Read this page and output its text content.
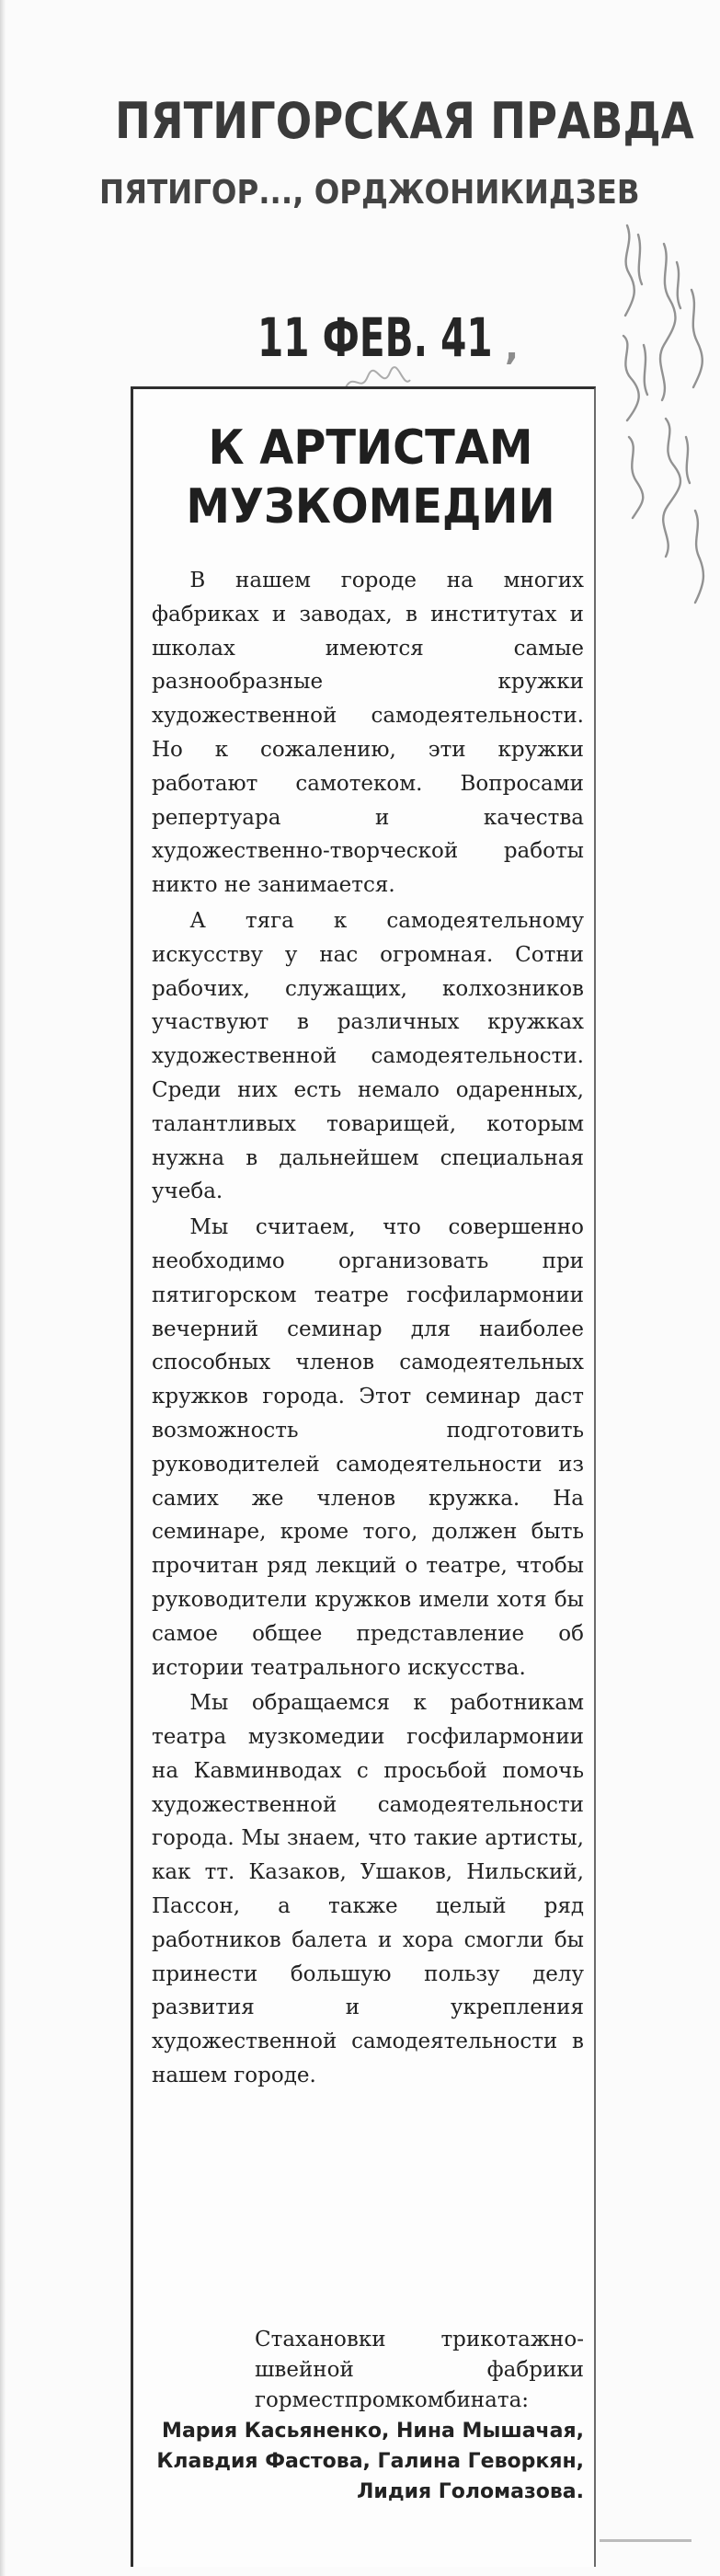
ПЯТИГОРСКАЯ ПРАВДА
ПЯТИГОР..., ОРДЖОНИКИДЗЕВ
11 ФЕВ. 41 ‚
К АРТИСТАМ
МУЗКОМЕДИИ

В нашем городе на многих фабриках и заводах, в институтах и школах имеются самые разнообразные кружки художественной самодеятельности. Но к сожалению, эти кружки работают самотеком. Вопросами репертуара и качества художественно-творческой работы никто не занимается.

А тяга к самодеятельному искусству у нас огромная. Сотни рабочих, служащих, колхозников участвуют в различных кружках художественной самодеятельности. Среди них есть немало одаренных, талантливых товарищей, которым нужна в дальнейшем специальная учеба.

Мы считаем, что совершенно необходимо организовать при пятигорском театре госфилармонии вечерний семинар для наиболее способных членов самодеятельных кружков города. Этот семинар даст возможность подготовить руководителей самодеятельности из самих же членов кружка. На семинаре, кроме того, должен быть прочитан ряд лекций о театре, чтобы руководители кружков имели хотя бы самое общее представление об истории театрального искусства.

Мы обращаемся к работникам театра музкомедии госфилармонии на Кавминводах с просьбой помочь художественной самодеятельности города. Мы знаем, что такие артисты, как тт. Казаков, Ушаков, Нильский, Пассон, а также целый ряд работников балета и хора смогли бы принести большую пользу делу развития и укрепления художественной самодеятельности в нашем городе.

Стахановки трикотажно-швейной фабрики горместпромкомбината:
Мария Касьяненко, Нина Мышачая, Клавдия Фастова, Галина Геворкян, Лидия Голомазова.
